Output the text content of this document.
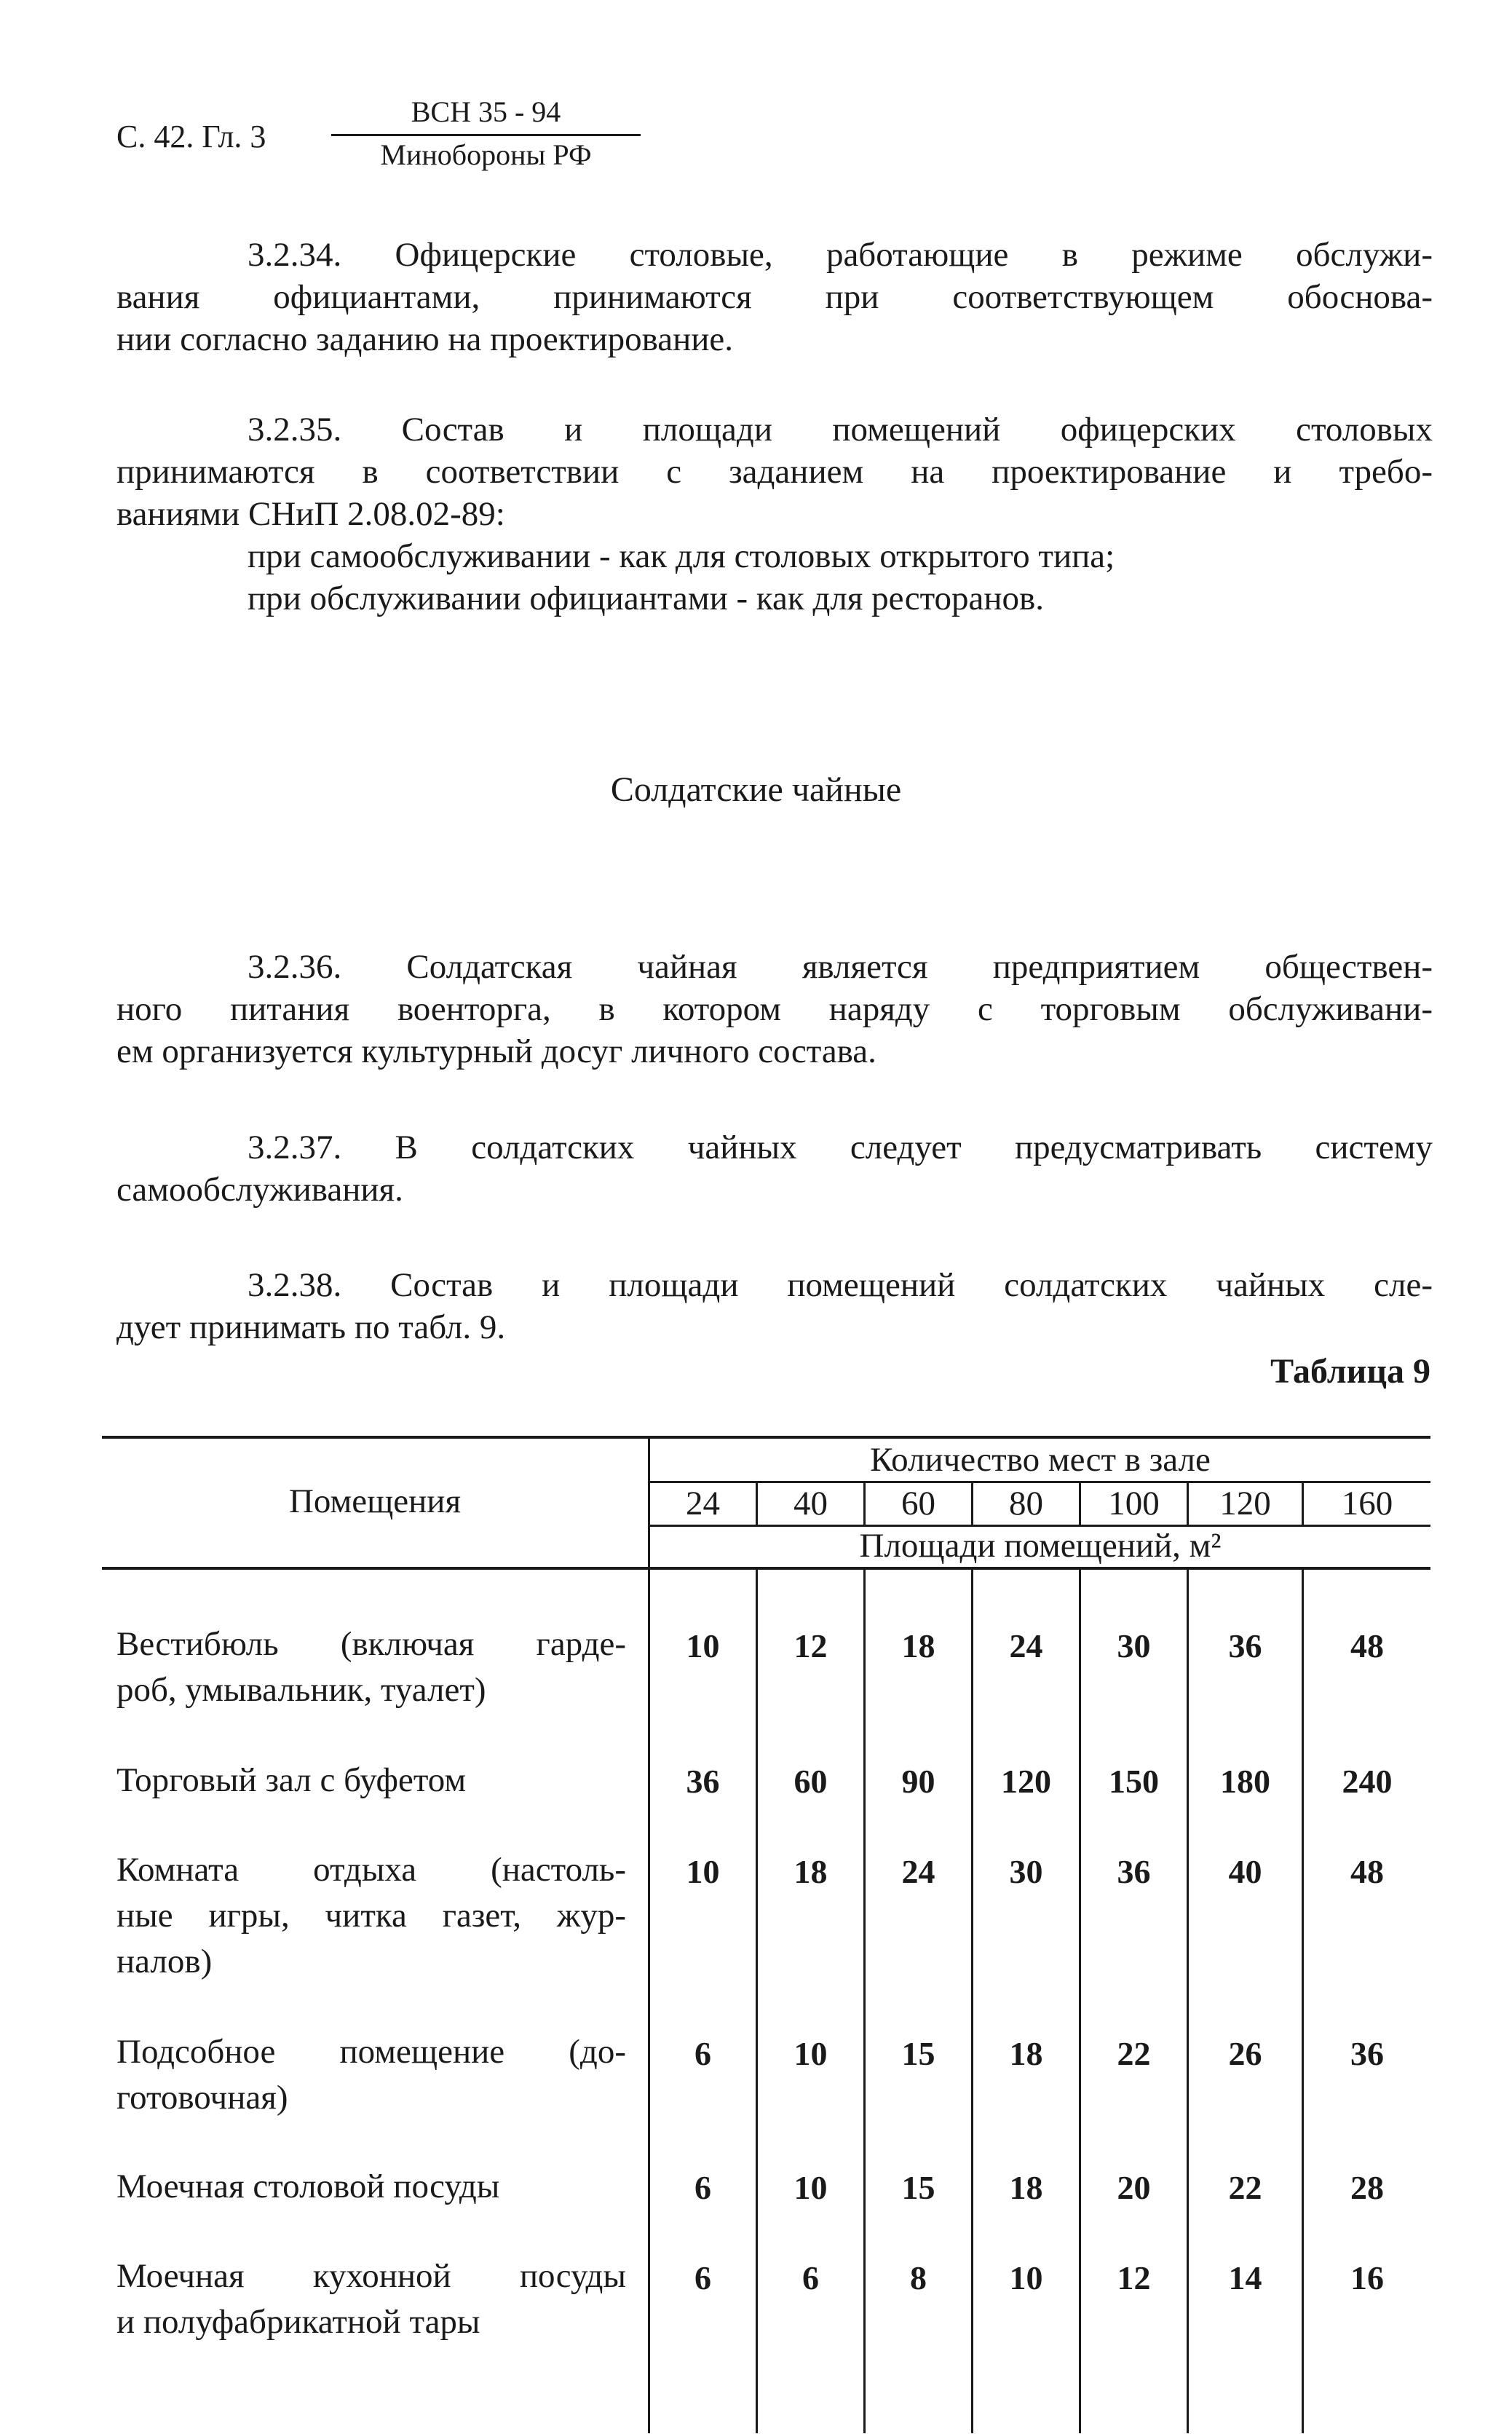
С. 42. Гл. 3
ВСН 35 - 94
Минобороны РФ
3.2.34. Офицерские столовые, работающие в режиме обслужи-
вания официантами, принимаются при соответствующем обоснова-
нии согласно заданию на проектирование.
3.2.35. Состав и площади помещений офицерских столовых
принимаются в соответствии с заданием на проектирование и требо-
ваниями СНиП 2.08.02-89:
при самообслуживании - как для столовых открытого типа;
при обслуживании официантами - как для ресторанов.
Солдатские чайные
3.2.36. Солдатская чайная является предприятием обществен-
ного питания военторга, в котором наряду с торговым обслуживани-
ем организуется культурный досуг личного состава.
3.2.37. В солдатских чайных следует предусматривать систему
самообслуживания.
3.2.38. Состав и площади помещений солдатских чайных сле-
дует принимать по табл. 9.
Таблица 9
Помещения
Количество мест в зале
24	40	60	80	100	120	160
Площади помещений, м²
Вестибюль (включая гарде-
роб, умывальник, туалет)
10	12	18	24	30	36	48
Торговый зал с буфетом	36	60	90	120	150	180	240
Комната отдыха (настоль-
ные игры, читка газет, жур-
налов)
10	18	24	30	36	40	48
Подсобное помещение (до-
готовочная)
6	10	15	18	22	26	36
Моечная столовой посуды	6	10	15	18	20	22	28
Моечная кухонной посуды
и полуфабрикатной тары
6	6	8	10	12	14	16
